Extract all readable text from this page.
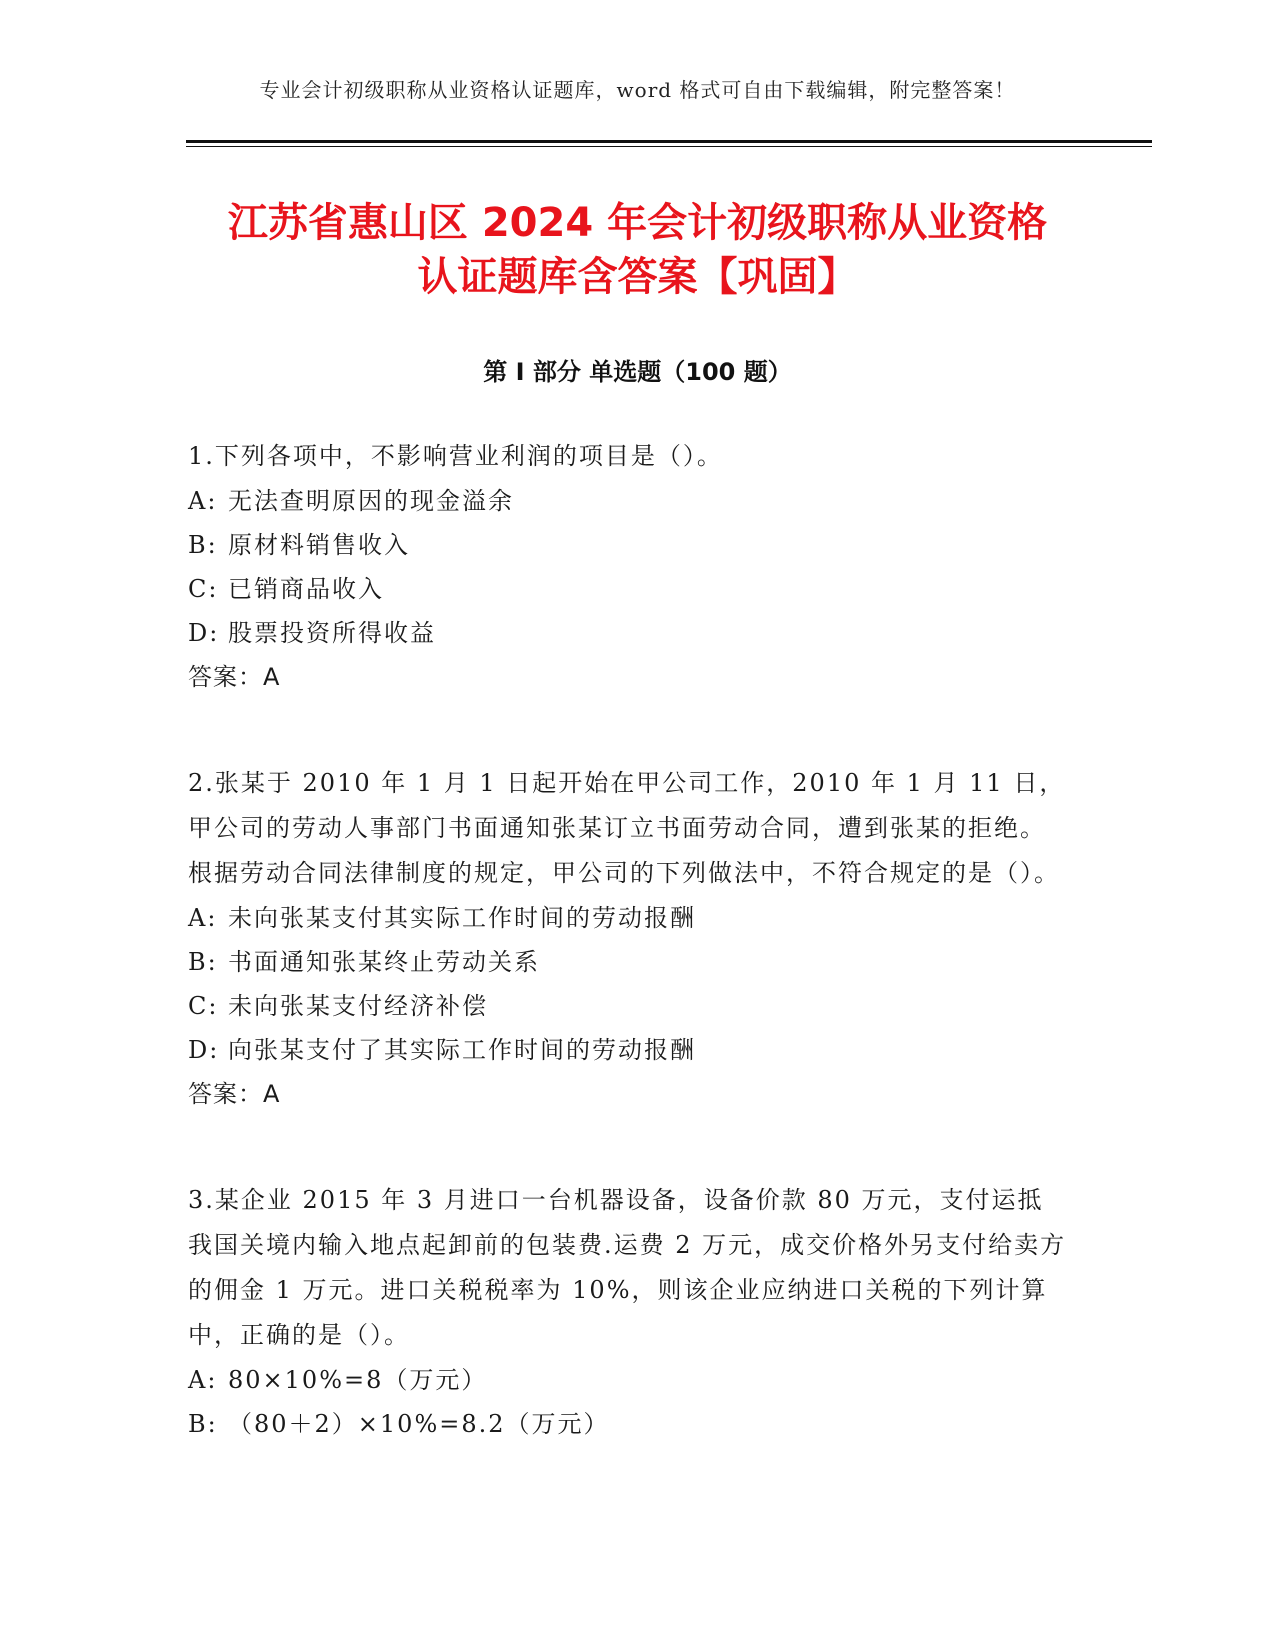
专业会计初级职称从业资格认证题库，word 格式可自由下载编辑，附完整答案！
江苏省惠山区 2024 年会计初级职称从业资格
认证题库含答案【巩固】
第 I 部分 单选题（100 题）

1.下列各项中，不影响营业利润的项目是（）。

A: 无法查明原因的现金溢余

B: 原材料销售收入

C: 已销商品收入

D: 股票投资所得收益

答案：A

2.张某于 2010 年 1 月 1 日起开始在甲公司工作，2010 年 1 月 11 日，甲公司的劳动人事部门书面通知张某订立书面劳动合同，遭到张某的拒绝。根据劳动合同法律制度的规定，甲公司的下列做法中，不符合规定的是（）。

A: 未向张某支付其实际工作时间的劳动报酬

B: 书面通知张某终止劳动关系

C: 未向张某支付经济补偿

D: 向张某支付了其实际工作时间的劳动报酬

答案：A

3.某企业 2015 年 3 月进口一台机器设备，设备价款 80 万元，支付运抵我国关境内输入地点起卸前的包装费.运费 2 万元，成交价格外另支付给卖方的佣金 1 万元。进口关税税率为 10%，则该企业应纳进口关税的下列计算中，正确的是（）。

A: 80×10%=8（万元）

B: （80＋2）×10%=8.2（万元）
